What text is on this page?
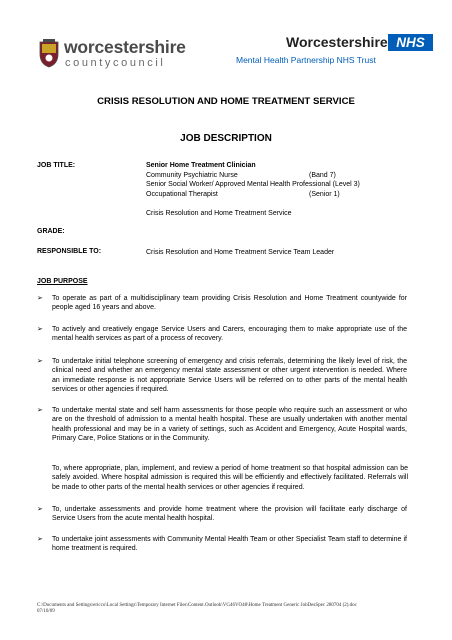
worcestershire
countycouncil
Worcestershire NHS
Mental Health Partnership NHS Trust
CRISIS RESOLUTION AND HOME TREATMENT SERVICE
JOB DESCRIPTION
JOB TITLE:	Senior Home Treatment Clinician
Community Psychiatric Nurse	(Band 7)
Senior Social Worker/ Approved Mental Health Professional (Level 3)
Occupational Therapist	(Senior 1)
Crisis Resolution and Home Treatment Service
GRADE:
RESPONSIBLE TO:	Crisis Resolution and Home Treatment Service Team Leader
JOB PURPOSE
➢	To operate as part of a multidisciplinary team providing Crisis Resolution and Home Treatment countywide for people aged 16 years and above.
➢	To actively and creatively engage Service Users and Carers, encouraging them to make appropriate use of the mental health services as part of a process of recovery.
➢	To undertake initial telephone screening of emergency and crisis referrals, determining the likely level of risk, the clinical need and whether an emergency mental state assessment or other urgent intervention is needed. Where an immediate response is not appropriate Service Users will be referred on to other parts of the mental health services or other agencies if required.
➢	To undertake mental state and self harm assessments for those people who require such an assessment or who are on the threshold of admission to a mental health hospital. These are usually undertaken with another mental health professional and may be in a variety of settings, such as Accident and Emergency, Acute Hospital wards, Primary Care, Police Stations or in the Community.
To, where appropriate, plan, implement, and review a period of home treatment so that hospital admission can be safely avoided. Where hospital admission is required this will be efficiently and effectively facilitated. Referrals will be made to other parts of the mental health services or other agencies if required.
➢	To, undertake assessments and provide home treatment where the provision will facilitate early discharge of Service Users from the acute mental health hospital.
➢	To undertake joint assessments with Community Mental Health Team or other Specialist Team staff to determine if home treatment is required.
C:\Documents and Settings\ericco\Local Settings\Temporary Internet Files\Content.Outlook\VG46VO48\Home Treatment Generic JobDesSpec 280704 (2).doc
07/10/09
